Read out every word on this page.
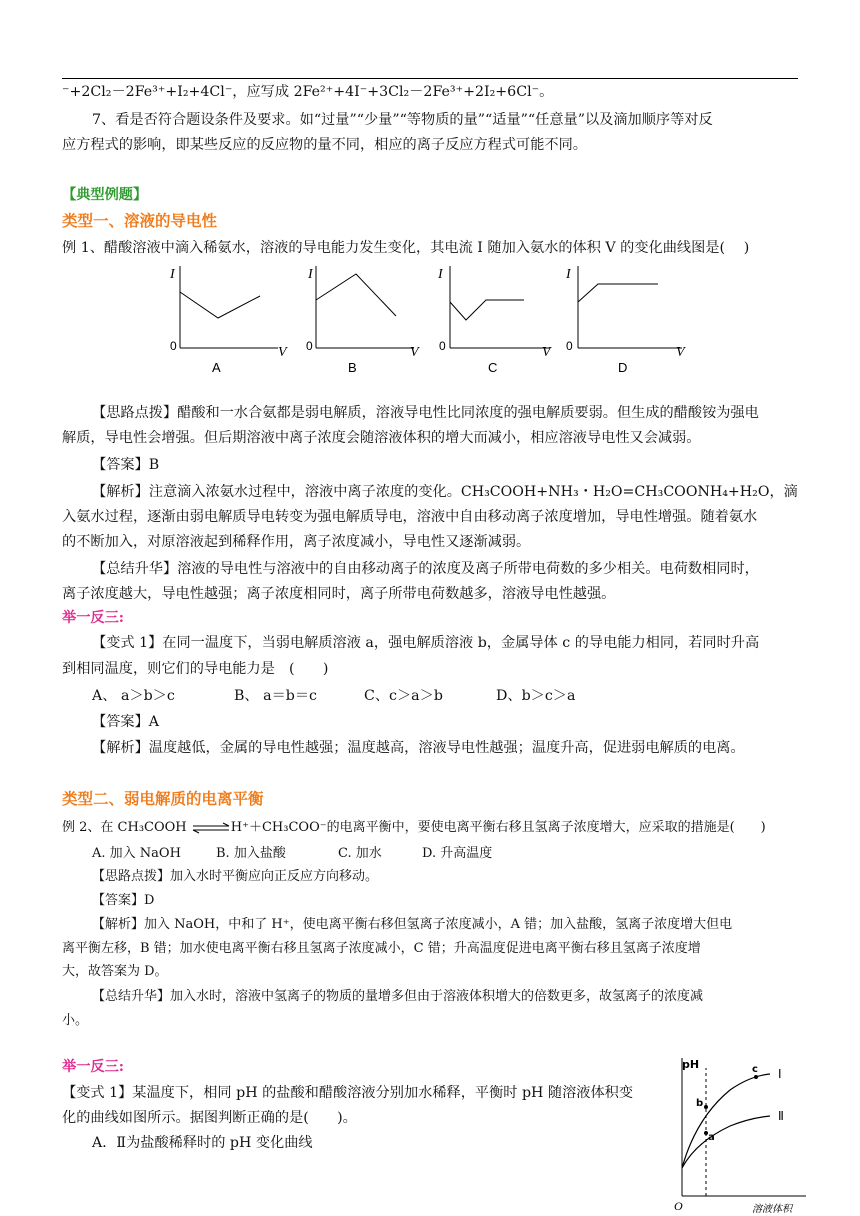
⁻+2Cl₂－2Fe³⁺+I₂+4Cl⁻，应写成 2Fe²⁺+4I⁻+3Cl₂－2Fe³⁺+2I₂+6Cl⁻。
7、看是否符合题设条件及要求。如“过量”“少量”“等物质的量”“适量”“任意量”以及滴加顺序等对反
应方程式的影响，即某些反应的反应物的量不同，相应的离子反应方程式可能不同。
【典型例题】
类型一、溶液的导电性
例 1、醋酸溶液中滴入稀氨水，溶液的导电能力发生变化，其电流 I 随加入氨水的体积 V 的变化曲线图是(　 )
I
V
0
A
I
V
0
B
I
V
0
C
I
V
0
D
【思路点拨】醋酸和一水合氨都是弱电解质，溶液导电性比同浓度的强电解质要弱。但生成的醋酸铵为强电
解质，导电性会增强。但后期溶液中离子浓度会随溶液体积的增大而减小，相应溶液导电性又会减弱。
【答案】B
【解析】注意滴入浓氨水过程中，溶液中离子浓度的变化。CH₃COOH+NH₃・H₂O=CH₃COONH₄+H₂O，滴
入氨水过程，逐渐由弱电解质导电转变为强电解质导电，溶液中自由移动离子浓度增加，导电性增强。随着氨水
的不断加入，对原溶液起到稀释作用，离子浓度减小，导电性又逐渐减弱。
【总结升华】溶液的导电性与溶液中的自由移动离子的浓度及离子所带电荷数的多少相关。电荷数相同时，
离子浓度越大，导电性越强；离子浓度相同时，离子所带电荷数越多，溶液导电性越强。
举一反三:
【变式 1】在同一温度下，当弱电解质溶液 a，强电解质溶液 b，金属导体 c 的导电能力相同，若同时升高
到相同温度，则它们的导电能力是　(　　)
A、 a＞b＞c	B、 a＝b＝c	C、c＞a＞b	D、b＞c＞a
【答案】A
【解析】温度越低，金属的导电性越强；温度越高，溶液导电性越强；温度升高，促进弱电解质的电离。
类型二、弱电解质的电离平衡
例 2、在 CH₃COOH ⇌H⁺＋CH₃COO⁻的电离平衡中，要使电离平衡右移且氢离子浓度增大，应采取的措施是(　　)
A. 加入 NaOH	B. 加入盐酸	C. 加水	D. 升高温度
【思路点拨】加入水时平衡应向正反应方向移动。
【答案】D
【解析】加入 NaOH，中和了 H⁺，使电离平衡右移但氢离子浓度减小，A 错；加入盐酸，氢离子浓度增大但电
离平衡左移，B 错；加水使电离平衡右移且氢离子浓度减小，C 错；升高温度促进电离平衡右移且氢离子浓度增
大，故答案为 D。
【总结升华】加入水时，溶液中氢离子的物质的量增多但由于溶液体积增大的倍数更多，故氢离子的浓度减
小。
举一反三:
【变式 1】某温度下，相同 pH 的盐酸和醋酸溶液分别加水稀释，平衡时 pH 随溶液体积变
化的曲线如图所示。据图判断正确的是(　　)。
A．Ⅱ为盐酸稀释时的 pH 变化曲线
pH
O	溶液体积
Ⅰ
Ⅱ
a
b
c
